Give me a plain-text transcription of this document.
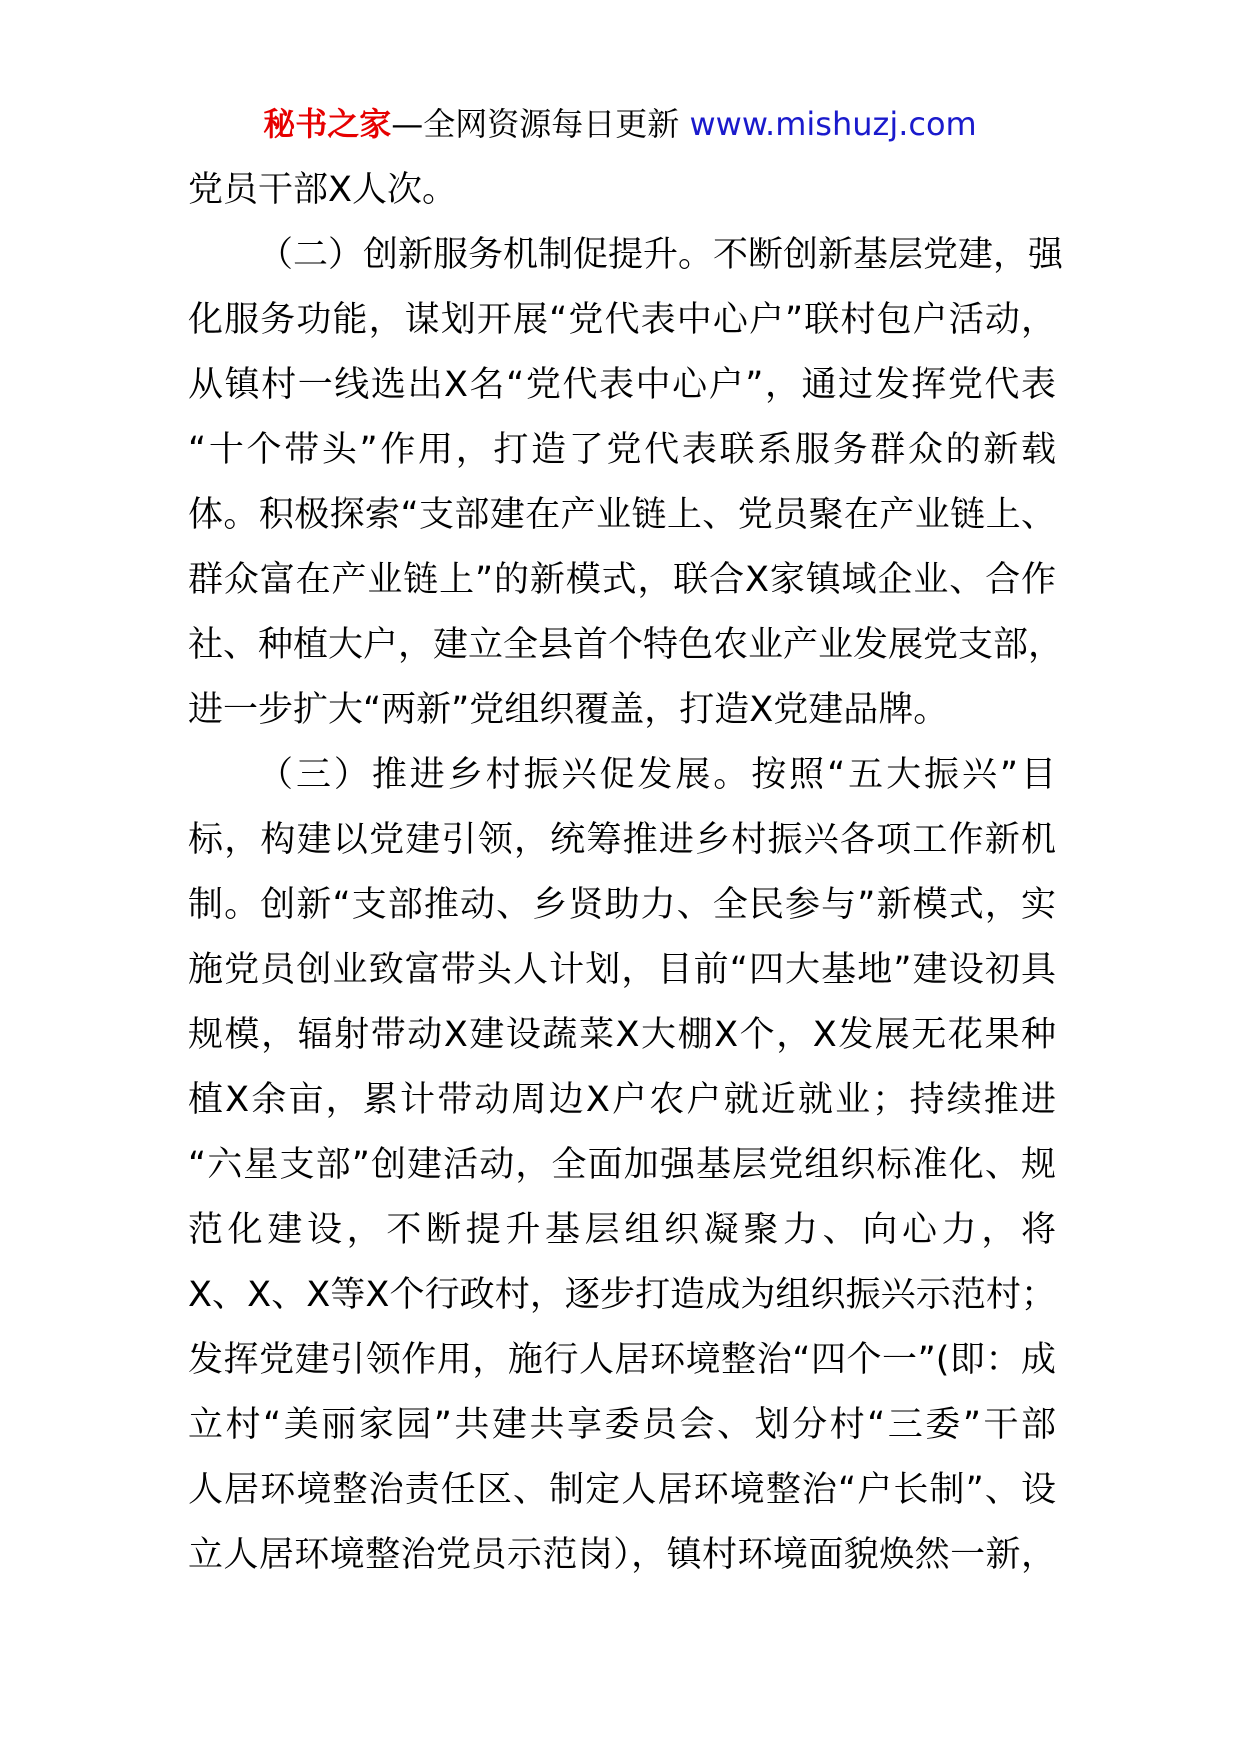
秘书之家—全网资源每日更新 www.mishuzj.com
党员干部X人次。
（二）创新服务机制促提升。不断创新基层党建，强
化服务功能，谋划开展“党代表中心户”联村包户活动，
从镇村一线选出X名“党代表中心户”，通过发挥党代表
“十个带头”作用，打造了党代表联系服务群众的新载
体。积极探索“支部建在产业链上、党员聚在产业链上、
群众富在产业链上”的新模式，联合X家镇域企业、合作
社、种植大户，建立全县首个特色农业产业发展党支部，
进一步扩大“两新”党组织覆盖，打造X党建品牌。
（三）推进乡村振兴促发展。按照“五大振兴”目
标，构建以党建引领，统筹推进乡村振兴各项工作新机
制。创新“支部推动、乡贤助力、全民参与”新模式，实
施党员创业致富带头人计划，目前“四大基地”建设初具
规模，辐射带动X建设蔬菜X大棚X个，X发展无花果种
植X余亩，累计带动周边X户农户就近就业；持续推进
“六星支部”创建活动，全面加强基层党组织标准化、规
范化建设，不断提升基层组织凝聚力、向心力，将
X、X、X等X个行政村，逐步打造成为组织振兴示范村；
发挥党建引领作用，施行人居环境整治“四个一”(即：成
立村“美丽家园”共建共享委员会、划分村“三委”干部
人居环境整治责任区、制定人居环境整治“户长制”、设
立人居环境整治党员示范岗），镇村环境面貌焕然一新，
